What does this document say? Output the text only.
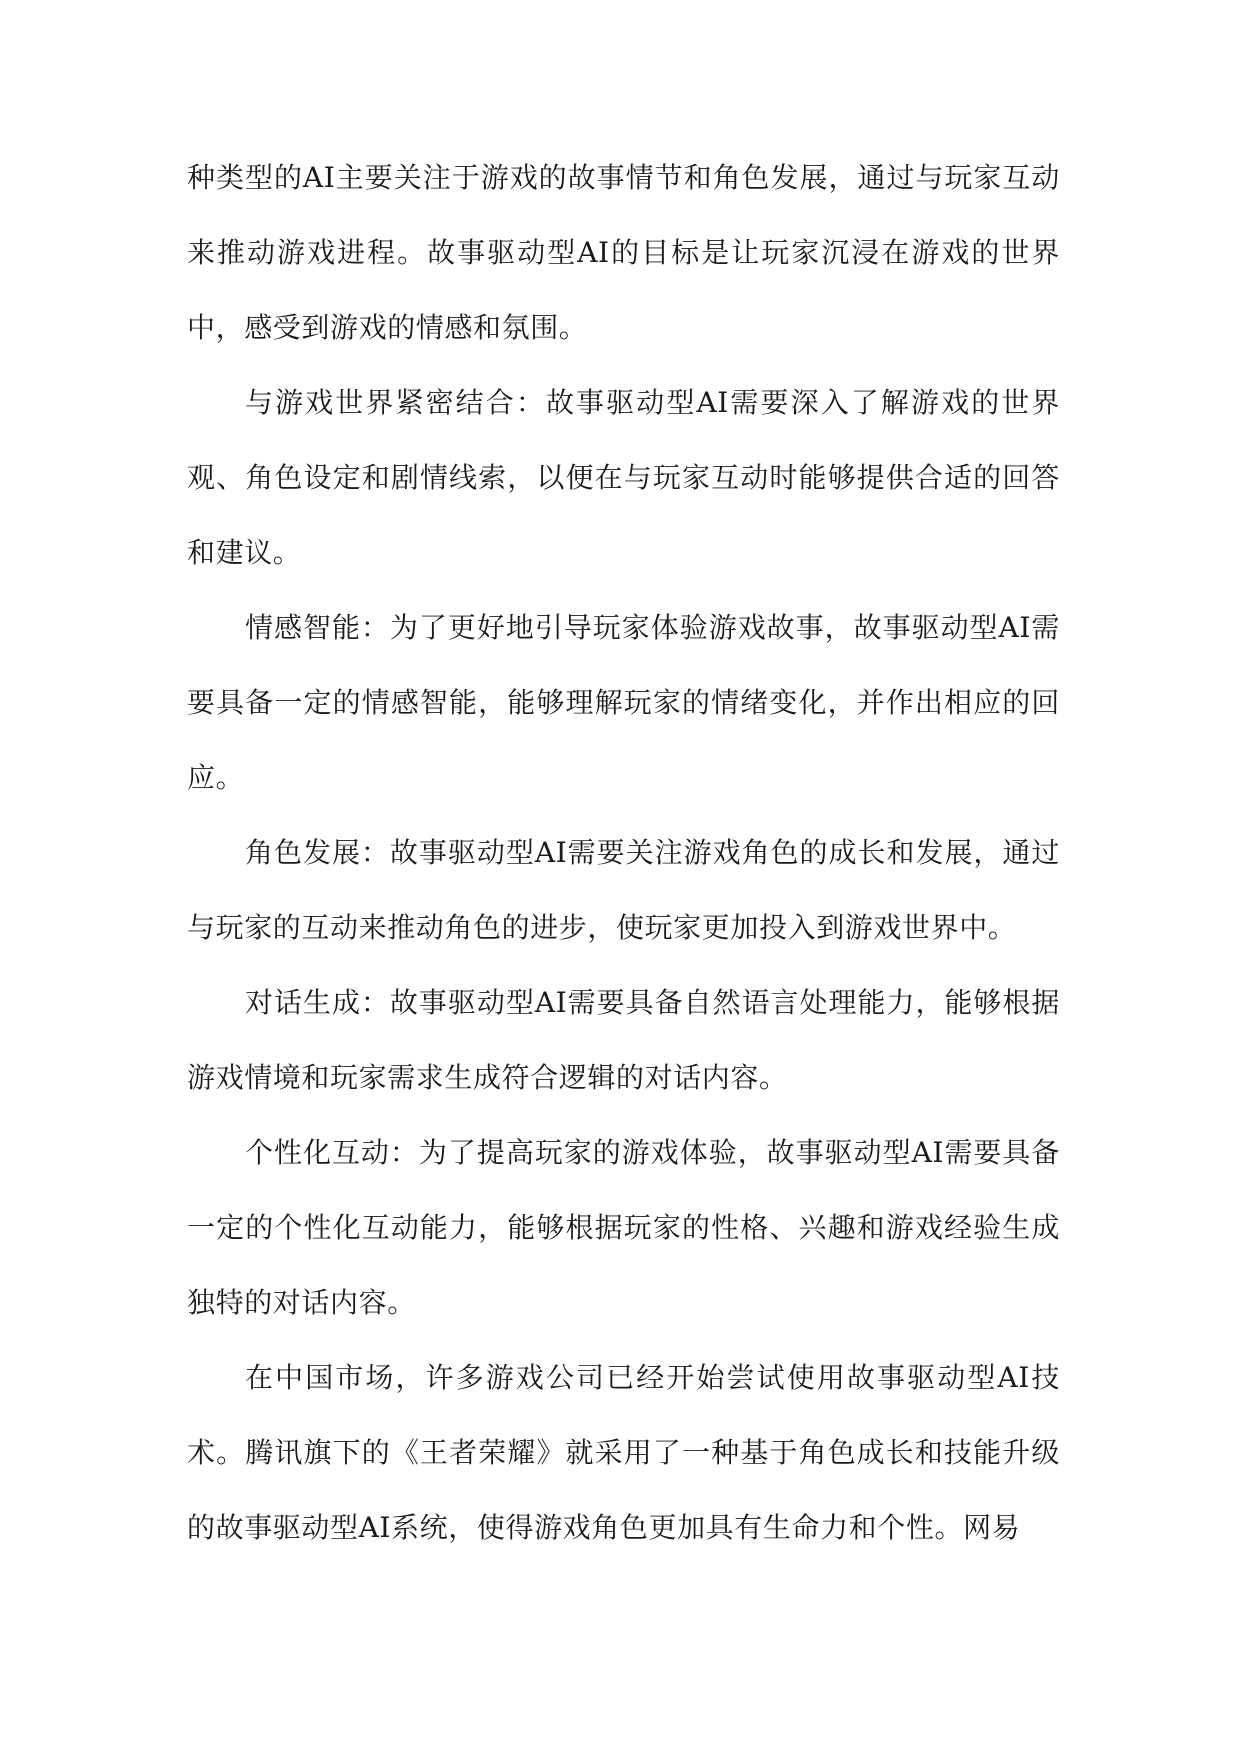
种类型的AI主要关注于游戏的故事情节和角色发展，通过与玩家互动来推动游戏进程。故事驱动型AI的目标是让玩家沉浸在游戏的世界中，感受到游戏的情感和氛围。

与游戏世界紧密结合：故事驱动型AI需要深入了解游戏的世界观、角色设定和剧情线索，以便在与玩家互动时能够提供合适的回答和建议。

情感智能：为了更好地引导玩家体验游戏故事，故事驱动型AI需要具备一定的情感智能，能够理解玩家的情绪变化，并作出相应的回应。

角色发展：故事驱动型AI需要关注游戏角色的成长和发展，通过与玩家的互动来推动角色的进步，使玩家更加投入到游戏世界中。

对话生成：故事驱动型AI需要具备自然语言处理能力，能够根据游戏情境和玩家需求生成符合逻辑的对话内容。

个性化互动：为了提高玩家的游戏体验，故事驱动型AI需要具备一定的个性化互动能力，能够根据玩家的性格、兴趣和游戏经验生成独特的对话内容。

在中国市场，许多游戏公司已经开始尝试使用故事驱动型AI技术。腾讯旗下的《王者荣耀》就采用了一种基于角色成长和技能升级的故事驱动型AI系统，使得游戏角色更加具有生命力和个性。网易
